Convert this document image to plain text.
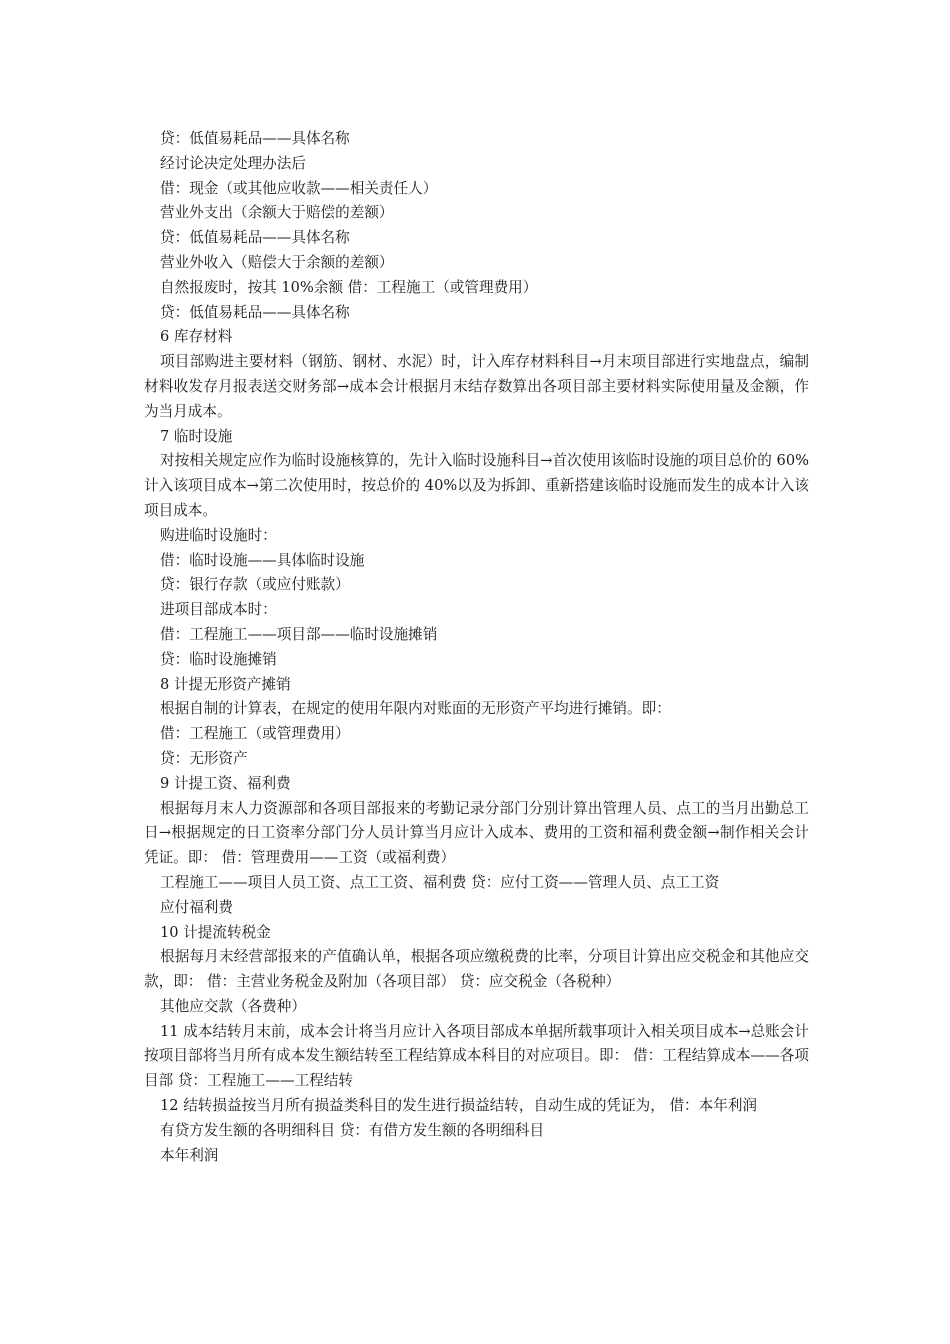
贷：低值易耗品——具体名称

经讨论决定处理办法后

借：现金（或其他应收款——相关责任人）

营业外支出（余额大于赔偿的差额）

贷：低值易耗品——具体名称

营业外收入（赔偿大于余额的差额）

自然报废时，按其 10%余额 借：工程施工（或管理费用）

贷：低值易耗品——具体名称

6 库存材料

项目部购进主要材料（钢筋、钢材、水泥）时，计入库存材料科目→月末项目部进行实地盘点，编制材料收发存月报表送交财务部→成本会计根据月末结存数算出各项目部主要材料实际使用量及金额，作为当月成本。

7 临时设施

对按相关规定应作为临时设施核算的，先计入临时设施科目→首次使用该临时设施的项目总价的 60%计入该项目成本→第二次使用时，按总价的 40%以及为拆卸、重新搭建该临时设施而发生的成本计入该项目成本。

购进临时设施时：

借：临时设施——具体临时设施

贷：银行存款（或应付账款）

进项目部成本时：

借：工程施工——项目部——临时设施摊销

贷：临时设施摊销

8 计提无形资产摊销

根据自制的计算表，在规定的使用年限内对账面的无形资产平均进行摊销。即：

借：工程施工（或管理费用）

贷：无形资产

9 计提工资、福利费

根据每月末人力资源部和各项目部报来的考勤记录分部门分别计算出管理人员、点工的当月出勤总工日→根据规定的日工资率分部门分人员计算当月应计入成本、费用的工资和福利费金额→制作相关会计凭证。即： 借：管理费用——工资（或福利费）

工程施工——项目人员工资、点工工资、福利费 贷：应付工资——管理人员、点工工资

应付福利费

10 计提流转税金

根据每月末经营部报来的产值确认单，根据各项应缴税费的比率，分项目计算出应交税金和其他应交款，即： 借：主营业务税金及附加（各项目部） 贷：应交税金（各税种）

其他应交款（各费种）

11 成本结转月末前，成本会计将当月应计入各项目部成本单据所载事项计入相关项目成本→总账会计按项目部将当月所有成本发生额结转至工程结算成本科目的对应项目。即： 借：工程结算成本——各项目部 贷：工程施工——工程结转

12 结转损益按当月所有损益类科目的发生进行损益结转，自动生成的凭证为， 借：本年利润

有贷方发生额的各明细科目 贷：有借方发生额的各明细科目

本年利润
